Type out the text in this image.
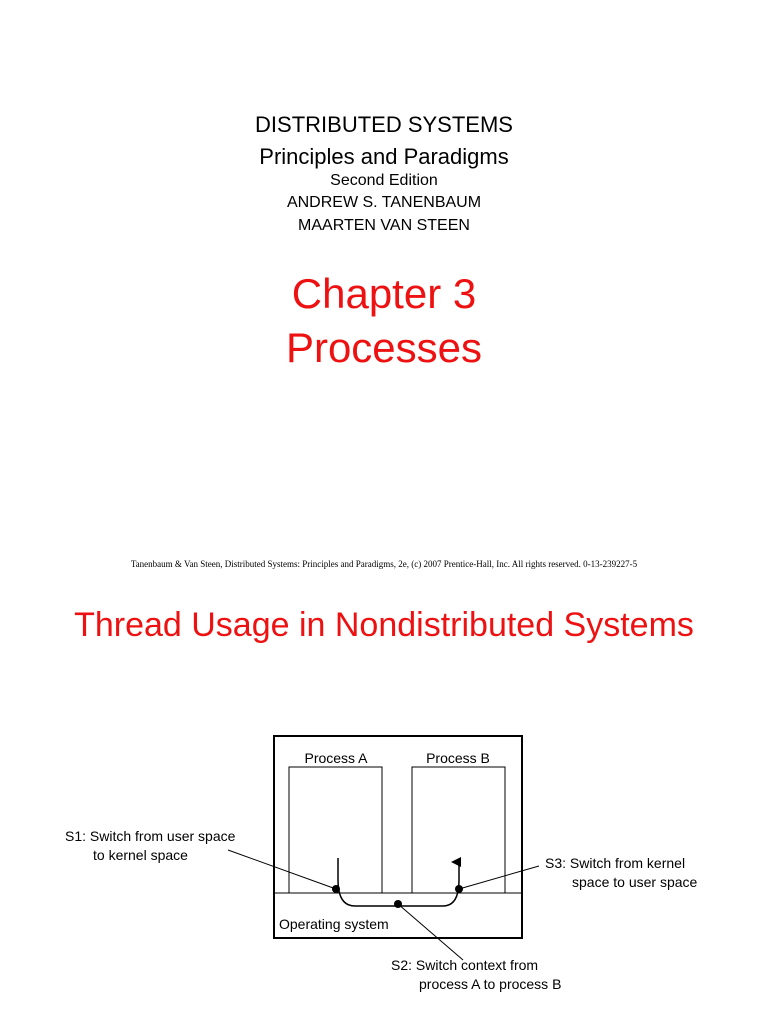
DISTRIBUTED SYSTEMS
Principles and Paradigms
Second Edition
ANDREW S. TANENBAUM
MAARTEN VAN STEEN
Chapter 3
Processes
Tanenbaum & Van Steen, Distributed Systems: Principles and Paradigms, 2e, (c) 2007 Prentice-Hall, Inc. All rights reserved. 0-13-239227-5
Thread Usage in Nondistributed Systems
Process A	Process B
Operating system
S1: Switch from user space
to kernel space	S3: Switch from kernel
space to user space
S2: Switch context from
process A to process B
